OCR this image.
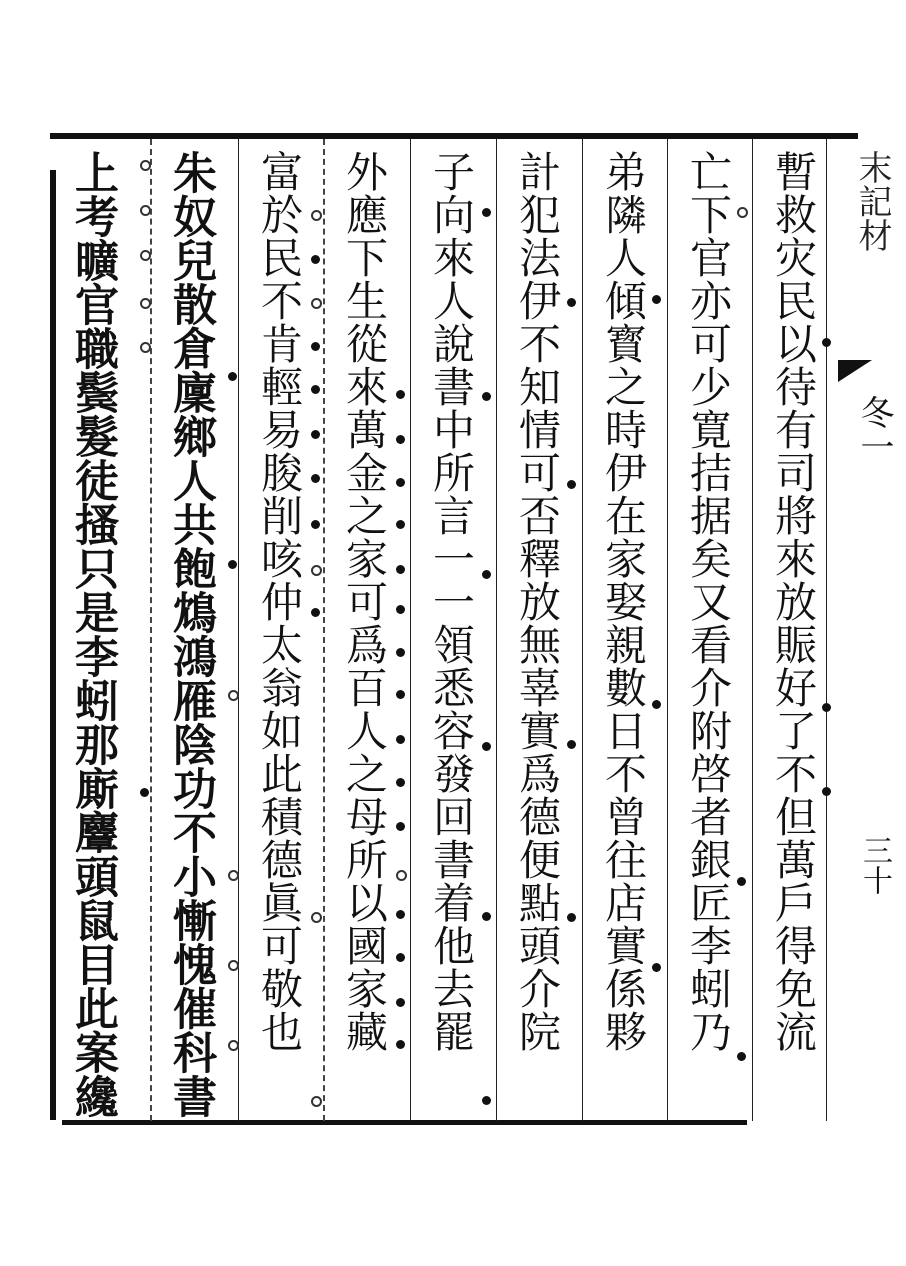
末記材
冬一
三十
暫救灾民以待有司將來放賑好了不但萬戶得免流
亡下官亦可少寛拮据矣又看介附啓者銀匠李蚓乃
弟隣人傾寳之時伊在家娶親數日不曾往店實係夥
計犯法伊不知情可否釋放無辜實爲德便點頭介院
子向來人說書中所言一一領悉容發回書着他去罷
外應下生從來萬金之家可爲百人之母所以國家藏
富於民不肯輕易朘削咳仲太翁如此積德眞可敬也
朱奴兒散倉廩鄉人共飽鴆鴻雁陰功不小慚愧催科書
上考曠官職鬓髮徒搔只是李蚓那廝麞頭鼠目此案纔
